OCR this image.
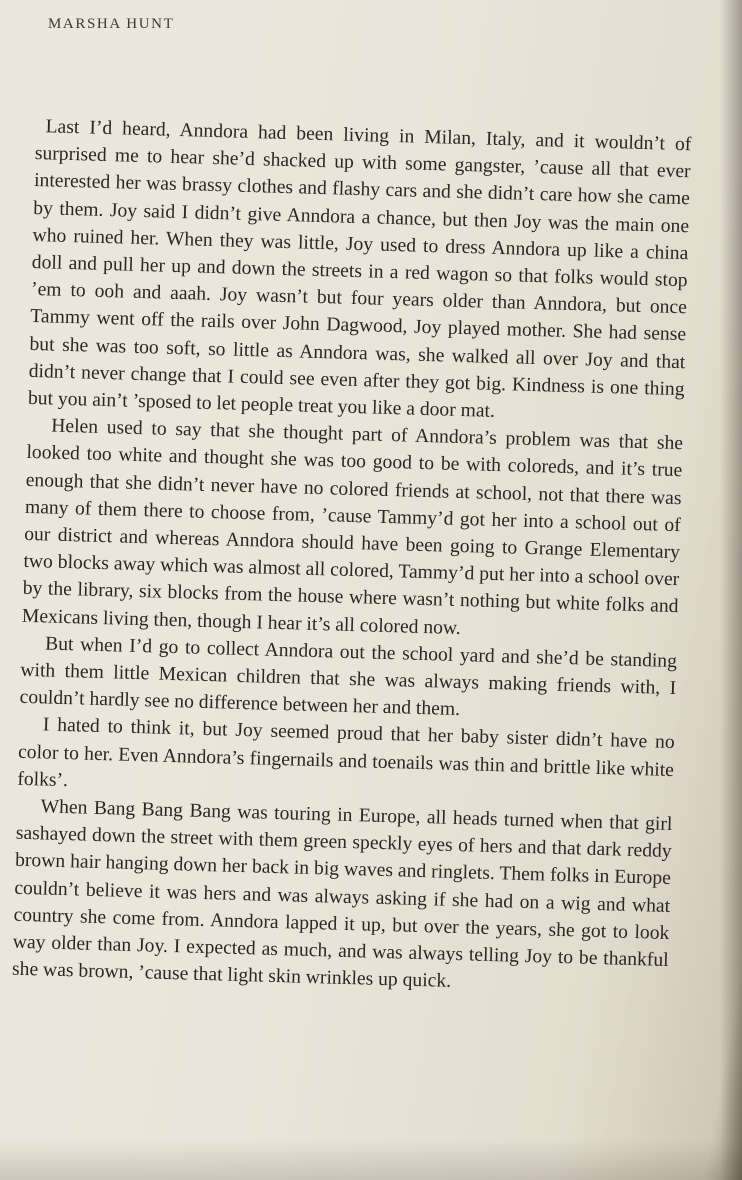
MARSHA HUNT

Last I’d heard, Anndora had been living in Milan, Italy, and it wouldn’t of surprised me to hear she’d shacked up with some gangster, ’cause all that ever interested her was brassy clothes and flashy cars and she didn’t care how she came by them. Joy said I didn’t give Anndora a chance, but then Joy was the main one who ruined her. When they was little, Joy used to dress Anndora up like a china doll and pull her up and down the streets in a red wagon so that folks would stop ’em to ooh and aaah. Joy wasn’t but four years older than Anndora, but once Tammy went off the rails over John Dagwood, Joy played mother. She had sense but she was too soft, so little as Anndora was, she walked all over Joy and that didn’t never change that I could see even after they got big. Kindness is one thing but you ain’t ’sposed to let people treat you like a door mat.

Helen used to say that she thought part of Anndora’s problem was that she looked too white and thought she was too good to be with coloreds, and it’s true enough that she didn’t never have no colored friends at school, not that there was many of them there to choose from, ’cause Tammy’d got her into a school out of our district and whereas Anndora should have been going to Grange Elementary two blocks away which was almost all colored, Tammy’d put her into a school over by the library, six blocks from the house where wasn’t nothing but white folks and Mexicans living then, though I hear it’s all colored now.

But when I’d go to collect Anndora out the school yard and she’d be standing with them little Mexican children that she was always making friends with, I couldn’t hardly see no difference between her and them.

I hated to think it, but Joy seemed proud that her baby sister didn’t have no color to her. Even Anndora’s fingernails and toenails was thin and brittle like white folks’.

When Bang Bang Bang was touring in Europe, all heads turned when that girl sashayed down the street with them green speckly eyes of hers and that dark reddy brown hair hanging down her back in big waves and ringlets. Them folks in Europe couldn’t believe it was hers and was always asking if she had on a wig and what country she come from. Anndora lapped it up, but over the years, she got to look way older than Joy. I expected as much, and was always telling Joy to be thankful she was brown, ’cause that light skin wrinkles up quick.
